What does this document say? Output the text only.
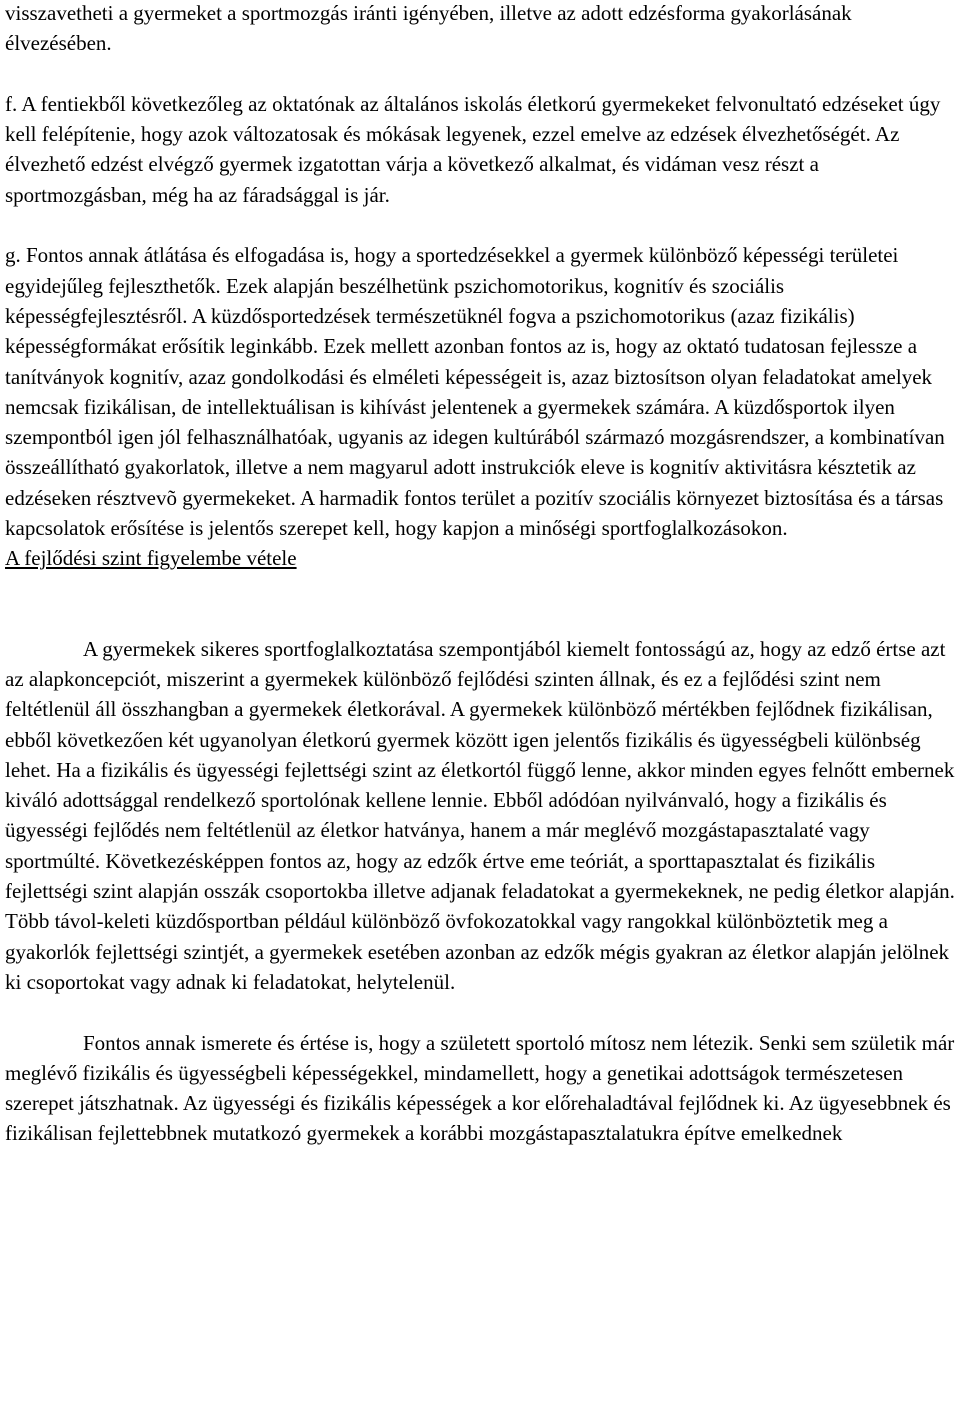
visszavetheti a gyermeket a sportmozgás iránti igényében, illetve az adott edzésforma gyakorlásának élvezésében.

f. A fentiekből következőleg az oktatónak az általános iskolás életkorú gyermekeket felvonultató edzéseket úgy kell felépítenie, hogy azok változatosak és mókásak legyenek, ezzel emelve az edzések élvezhetőségét. Az élvezhető edzést elvégző gyermek izgatottan várja a következő alkalmat, és vidáman vesz részt a sportmozgásban, még ha az fáradsággal is jár.

g. Fontos annak átlátása és elfogadása is, hogy a sportedzésekkel a gyermek különböző képességi területei egyidejűleg fejleszthetők. Ezek alapján beszélhetünk pszichomotorikus, kognitív és szociális képességfejlesztésről. A küzdősportedzések természetüknél fogva a pszichomotorikus (azaz fizikális) képességformákat erősítik leginkább. Ezek mellett azonban fontos az is, hogy az oktató tudatosan fejlessze a tanítványok kognitív, azaz gondolkodási és elméleti képességeit is, azaz biztosítson olyan feladatokat amelyek nemcsak fizikálisan, de intellektuálisan is kihívást jelentenek a gyermekek számára. A küzdősportok ilyen szempontból igen jól felhasználhatóak, ugyanis az idegen kultúrából származó mozgásrendszer, a kombinatívan összeállítható gyakorlatok, illetve a nem magyarul adott instrukciók eleve is kognitív aktivitásra késztetik az edzéseken résztvevõ gyermekeket. A harmadik fontos terület a pozitív szociális környezet biztosítása és a társas kapcsolatok erősítése is jelentős szerepet kell, hogy kapjon a minőségi sportfoglalkozásokon.

A fejlődési szint figyelembe vétele

A gyermekek sikeres sportfoglalkoztatása szempontjából kiemelt fontosságú az, hogy az edző értse azt az alapkoncepciót, miszerint a gyermekek különböző fejlődési szinten állnak, és ez a fejlődési szint nem feltétlenül áll összhangban a gyermekek életkorával. A gyermekek különböző mértékben fejlődnek fizikálisan, ebből következően két ugyanolyan életkorú gyermek között igen jelentős fizikális és ügyességbeli különbség lehet. Ha a fizikális és ügyességi fejlettségi szint az életkortól függő lenne, akkor minden egyes felnőtt embernek kiváló adottsággal rendelkező sportolónak kellene lennie. Ebből adódóan nyilvánvaló, hogy a fizikális és ügyességi fejlődés nem feltétlenül az életkor hatványa, hanem a már meglévő mozgástapasztalaté vagy sportmúlté. Következésképpen fontos az, hogy az edzők értve eme teóriát, a sporttapasztalat és fizikális fejlettségi szint alapján osszák csoportokba illetve adjanak feladatokat a gyermekeknek, ne pedig életkor alapján. Több távol-keleti küzdősportban például különböző övfokozatokkal vagy rangokkal különböztetik meg a gyakorlók fejlettségi szintjét, a gyermekek esetében azonban az edzők mégis gyakran az életkor alapján jelölnek ki csoportokat vagy adnak ki feladatokat, helytelenül.

Fontos annak ismerete és értése is, hogy a született sportoló mítosz nem létezik. Senki sem születik már meglévő fizikális és ügyességbeli képességekkel, mindamellett, hogy a genetikai adottságok természetesen szerepet játszhatnak. Az ügyességi és fizikális képességek a kor előrehaladtával fejlődnek ki. Az ügyesebbnek és fizikálisan fejlettebbnek mutatkozó gyermekek a korábbi mozgástapasztalatukra építve emelkednek
